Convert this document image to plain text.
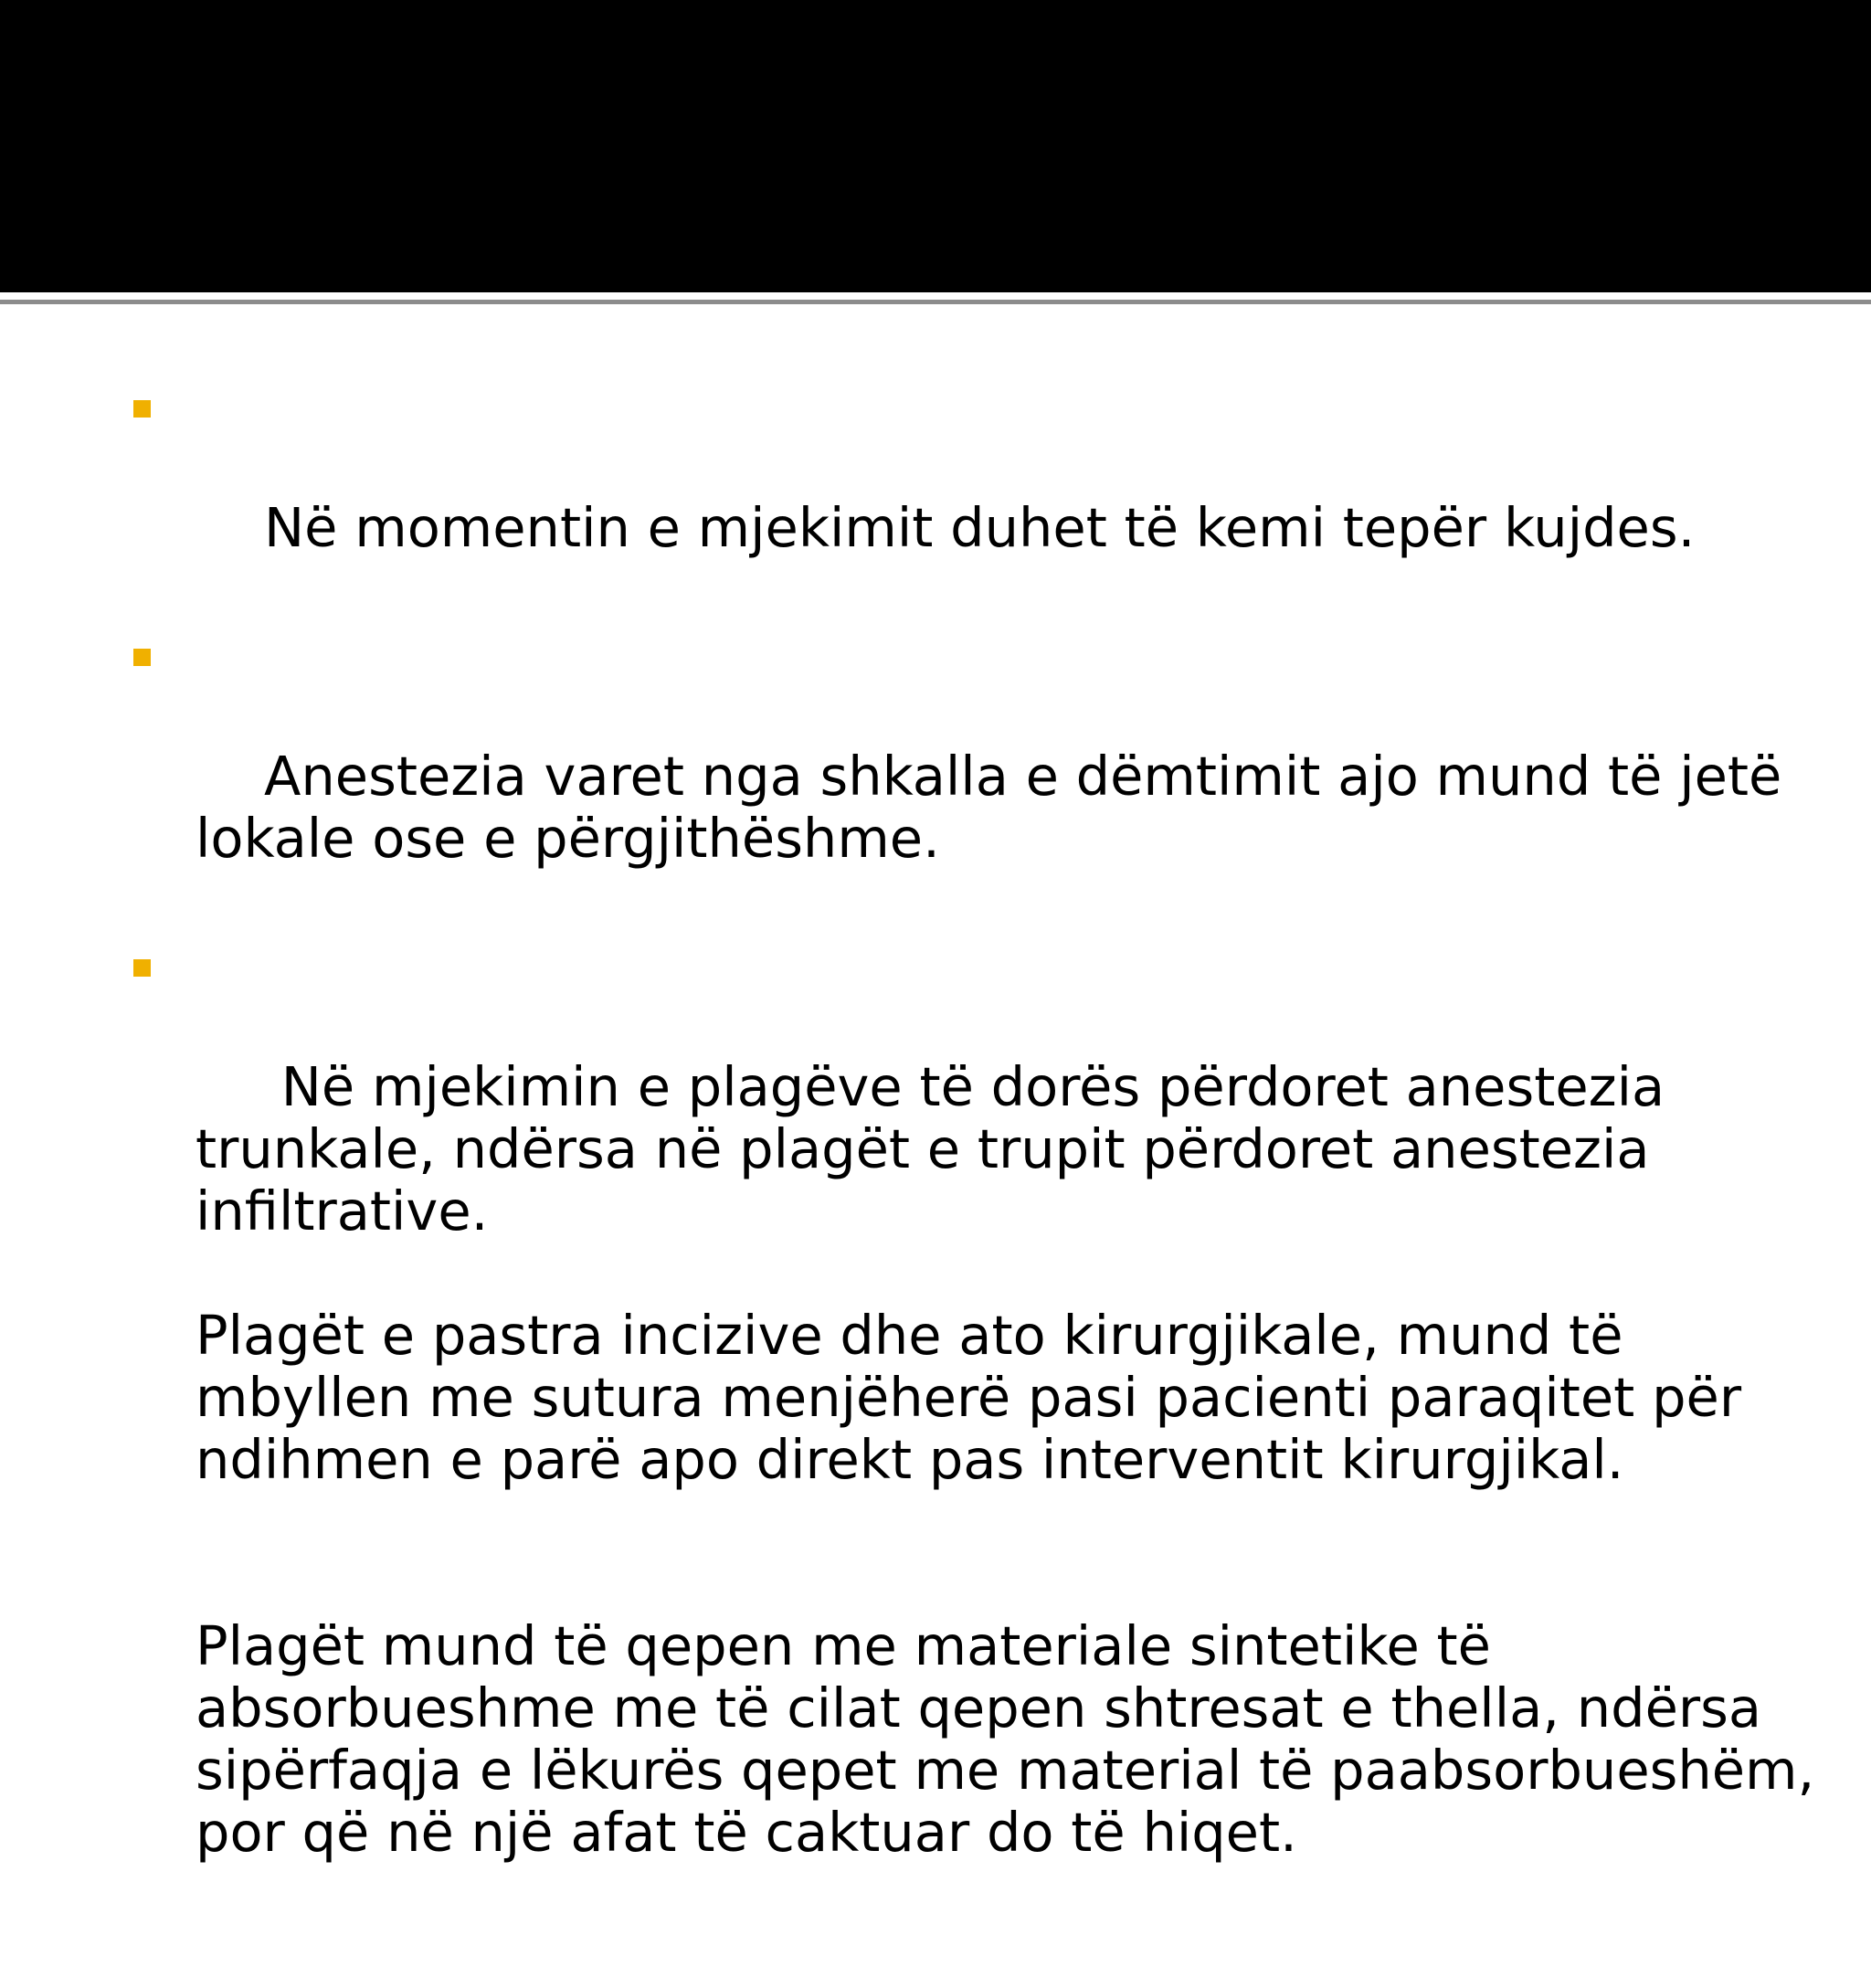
Në momentin e mjekimit duhet të kemi tepër kujdes.

Anestezia varet nga shkalla e dëmtimit ajo mund të jetë lokale ose e përgjithëshme.

Në mjekimin e plagëve të dorës përdoret anestezia trunkale, ndërsa në plagët e trupit përdoret anestezia infiltrative.

Plagët e pastra incizive dhe ato kirurgjikale, mund të mbyllen me sutura menjëherë pasi pacienti paraqitet për ndihmen e parë apo direkt pas interventit kirurgjikal.

Plagët mund të qepen me materiale sintetike të absorbueshme me të cilat qepen shtresat e thella, ndërsa sipërfaqja e lëkurës qepet me material të paabsorbueshëm, por që në një afat të caktuar do të hiqet.
